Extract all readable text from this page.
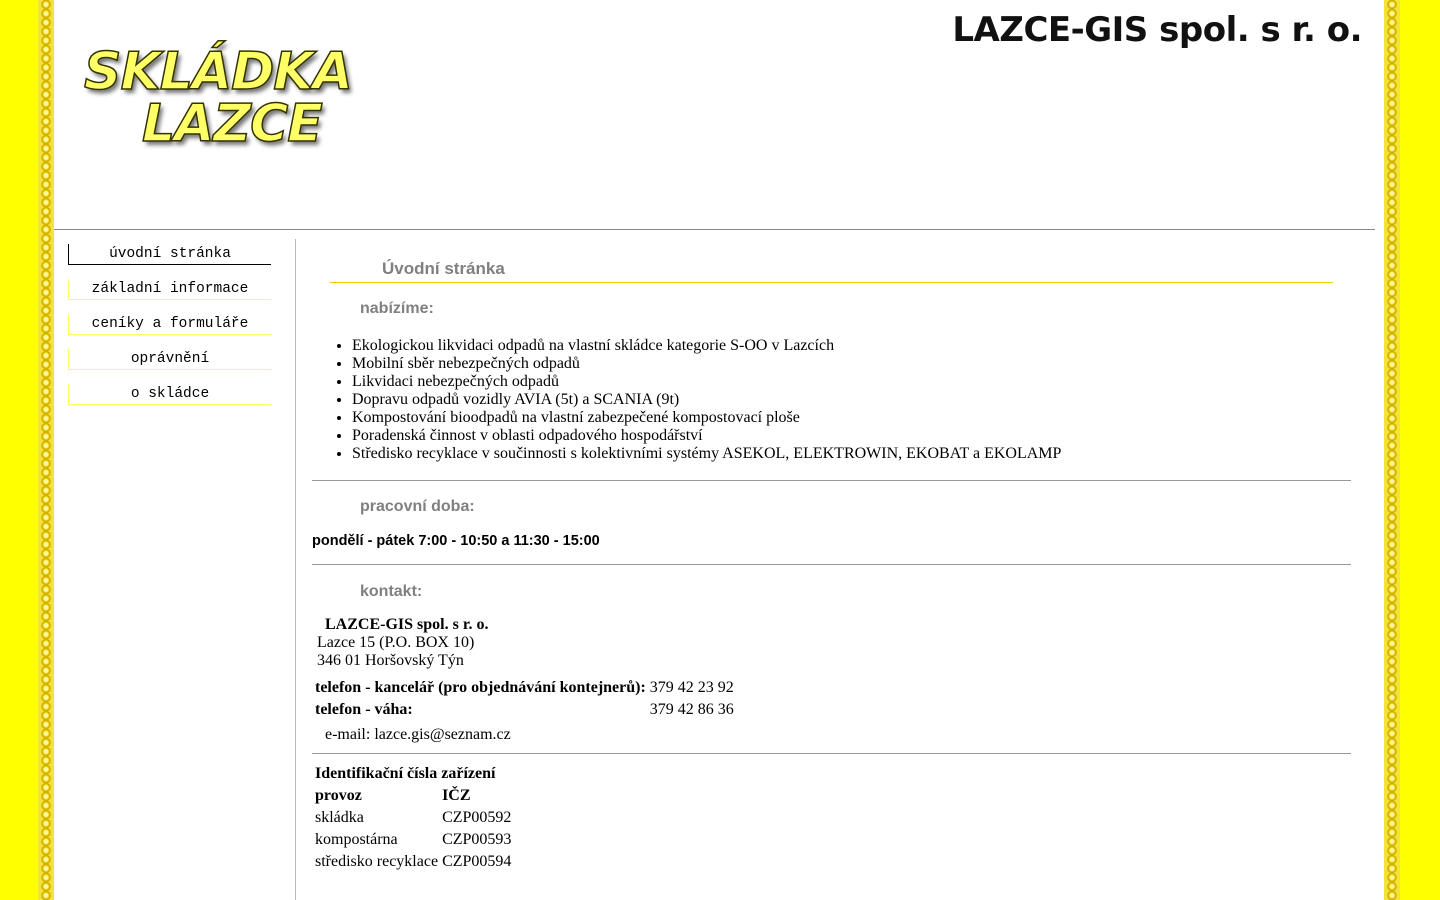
SKLÁDKA
LAZCE
LAZCE-GIS spol. s r. o.
úvodní stránka
základní informace
ceníky a formuláře
oprávnění
o skládce
Úvodní stránka
nabízíme:
• Ekologickou likvidaci odpadů na vlastní skládce kategorie S-OO v Lazcích
• Mobilní sběr nebezpečných odpadů
• Likvidaci nebezpečných odpadů
• Dopravu odpadů vozidly AVIA (5t) a SCANIA (9t)
• Kompostování bioodpadů na vlastní zabezpečené kompostovací ploše
• Poradenská činnost v oblasti odpadového hospodářství
• Středisko recyklace v součinnosti s kolektivními systémy ASEKOL, ELEKTROWIN, EKOBAT a EKOLAMP
pracovní doba:
pondělí - pátek 7:00 - 10:50 a 11:30 - 15:00
kontakt:
LAZCE-GIS spol. s r. o.
Lazce 15 (P.O. BOX 10)
346 01 Horšovský Týn
telefon - kancelář (pro objednávání kontejnerů):	379 42 23 92
telefon - váha:	379 42 86 36
e-mail: lazce.gis@seznam.cz
Identifikační čísla zařízení	
provoz	IČZ
skládka	CZP00592
kompostárna	CZP00593
středisko recyklace	CZP00594
